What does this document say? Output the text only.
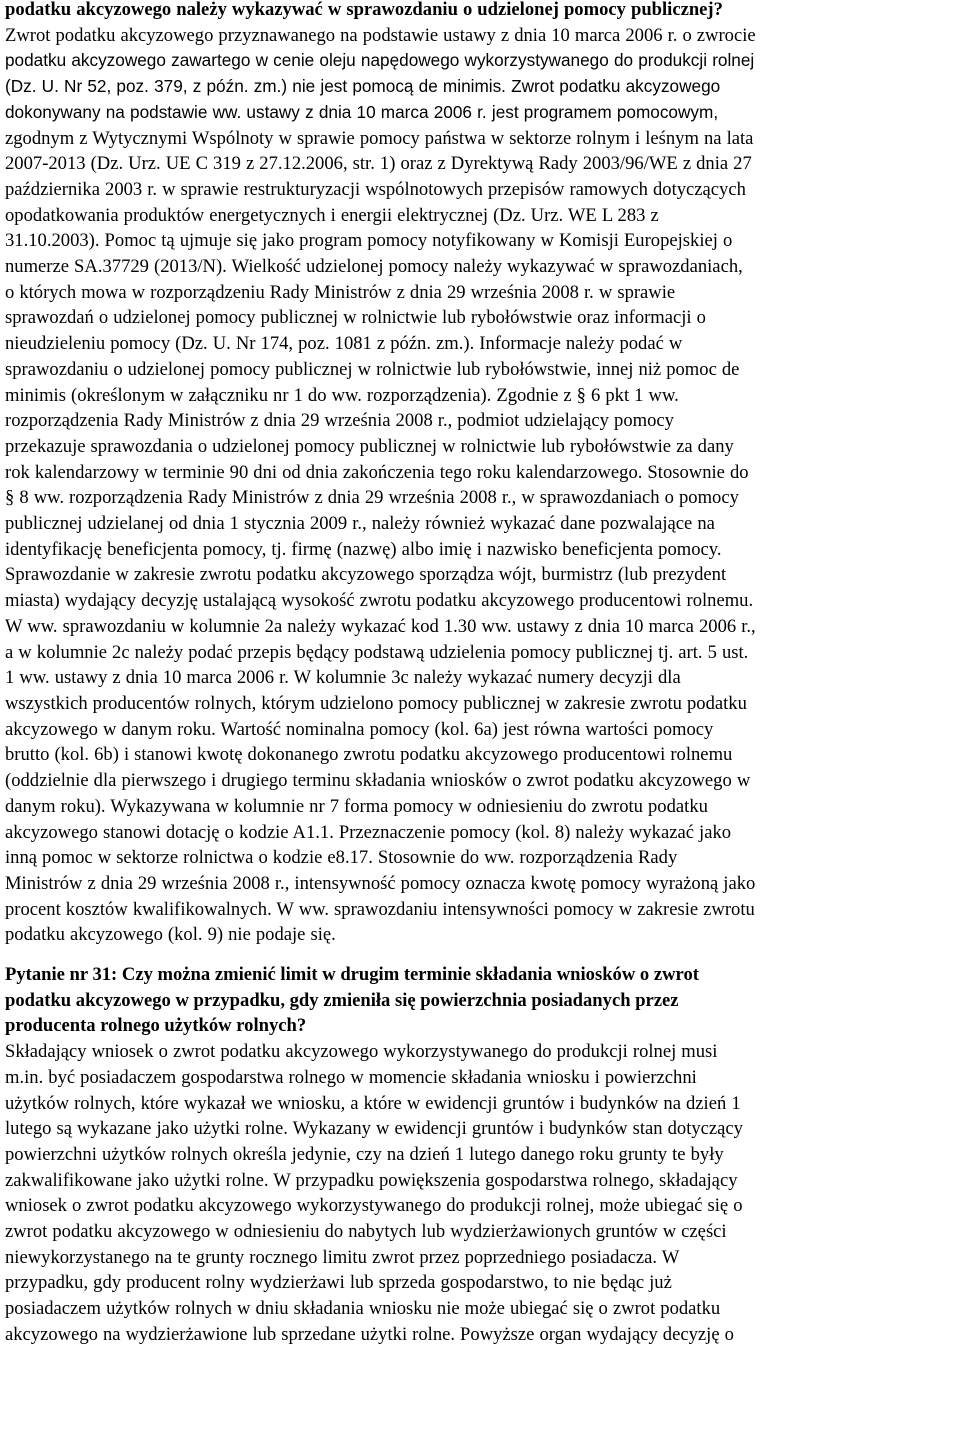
podatku akcyzowego należy wykazywać w sprawozdaniu o udzielonej pomocy publicznej?
Zwrot podatku akcyzowego przyznawanego na podstawie ustawy z dnia 10 marca 2006 r. o zwrocie
podatku akcyzowego zawartego w cenie oleju napędowego wykorzystywanego do produkcji rolnej
(Dz. U. Nr 52, poz. 379, z późn. zm.) nie jest pomocą de minimis. Zwrot podatku akcyzowego
dokonywany na podstawie ww. ustawy z dnia 10 marca 2006 r. jest programem pomocowym,
zgodnym z Wytycznymi Wspólnoty w sprawie pomocy państwa w sektorze rolnym i leśnym na lata
2007-2013 (Dz. Urz. UE C 319 z 27.12.2006, str. 1) oraz z Dyrektywą Rady 2003/96/WE z dnia 27
października 2003 r. w sprawie restrukturyzacji wspólnotowych przepisów ramowych dotyczących
opodatkowania produktów energetycznych i energii elektrycznej (Dz. Urz. WE L 283 z
31.10.2003). Pomoc tą ujmuje się jako program pomocy notyfikowany w Komisji Europejskiej o
numerze SA.37729 (2013/N). Wielkość udzielonej pomocy należy wykazywać w sprawozdaniach,
o których mowa w rozporządzeniu Rady Ministrów z dnia 29 września 2008 r. w sprawie
sprawozdań o udzielonej pomocy publicznej w rolnictwie lub rybołówstwie oraz informacji o
nieudzieleniu pomocy (Dz. U. Nr 174, poz. 1081 z późn. zm.). Informacje należy podać w
sprawozdaniu o udzielonej pomocy publicznej w rolnictwie lub rybołówstwie, innej niż pomoc de
minimis (określonym w załączniku nr 1 do ww. rozporządzenia). Zgodnie z § 6 pkt 1 ww.
rozporządzenia Rady Ministrów z dnia 29 września 2008 r., podmiot udzielający pomocy
przekazuje sprawozdania o udzielonej pomocy publicznej w rolnictwie lub rybołówstwie za dany
rok kalendarzowy w terminie 90 dni od dnia zakończenia tego roku kalendarzowego. Stosownie do
§ 8 ww. rozporządzenia Rady Ministrów z dnia 29 września 2008 r., w sprawozdaniach o pomocy
publicznej udzielanej od dnia 1 stycznia 2009 r., należy również wykazać dane pozwalające na
identyfikację beneficjenta pomocy, tj. firmę (nazwę) albo imię i nazwisko beneficjenta pomocy.
Sprawozdanie w zakresie zwrotu podatku akcyzowego sporządza wójt, burmistrz (lub prezydent
miasta) wydający decyzję ustalającą wysokość zwrotu podatku akcyzowego producentowi rolnemu.
W ww. sprawozdaniu w kolumnie 2a należy wykazać kod 1.30 ww. ustawy z dnia 10 marca 2006 r.,
a w kolumnie 2c należy podać przepis będący podstawą udzielenia pomocy publicznej tj. art. 5 ust.
1 ww. ustawy z dnia 10 marca 2006 r. W kolumnie 3c należy wykazać numery decyzji dla
wszystkich producentów rolnych, którym udzielono pomocy publicznej w zakresie zwrotu podatku
akcyzowego w danym roku. Wartość nominalna pomocy (kol. 6a) jest równa wartości pomocy
brutto (kol. 6b) i stanowi kwotę dokonanego zwrotu podatku akcyzowego producentowi rolnemu
(oddzielnie dla pierwszego i drugiego terminu składania wniosków o zwrot podatku akcyzowego w
danym roku). Wykazywana w kolumnie nr 7 forma pomocy w odniesieniu do zwrotu podatku
akcyzowego stanowi dotację o kodzie A1.1. Przeznaczenie pomocy (kol. 8) należy wykazać jako
inną pomoc w sektorze rolnictwa o kodzie e8.17. Stosownie do ww. rozporządzenia Rady
Ministrów z dnia 29 września 2008 r., intensywność pomocy oznacza kwotę pomocy wyrażoną jako
procent kosztów kwalifikowalnych. W ww. sprawozdaniu intensywności pomocy w zakresie zwrotu
podatku akcyzowego (kol. 9) nie podaje się.

Pytanie nr 31: Czy można zmienić limit w drugim terminie składania wniosków o zwrot
podatku akcyzowego w przypadku, gdy zmieniła się powierzchnia posiadanych przez
producenta rolnego użytków rolnych?

Składający wniosek o zwrot podatku akcyzowego wykorzystywanego do produkcji rolnej musi
m.in. być posiadaczem gospodarstwa rolnego w momencie składania wniosku i powierzchni
użytków rolnych, które wykazał we wniosku, a które w ewidencji gruntów i budynków na dzień 1
lutego są wykazane jako użytki rolne. Wykazany w ewidencji gruntów i budynków stan dotyczący
powierzchni użytków rolnych określa jedynie, czy na dzień 1 lutego danego roku grunty te były
zakwalifikowane jako użytki rolne. W przypadku powiększenia gospodarstwa rolnego, składający
wniosek o zwrot podatku akcyzowego wykorzystywanego do produkcji rolnej, może ubiegać się o
zwrot podatku akcyzowego w odniesieniu do nabytych lub wydzierżawionych gruntów w części
niewykorzystanego na te grunty rocznego limitu zwrot przez poprzedniego posiadacza. W
przypadku, gdy producent rolny wydzierżawi lub sprzeda gospodarstwo, to nie będąc już
posiadaczem użytków rolnych w dniu składania wniosku nie może ubiegać się o zwrot podatku
akcyzowego na wydzierżawione lub sprzedane użytki rolne. Powyższe organ wydający decyzję o
